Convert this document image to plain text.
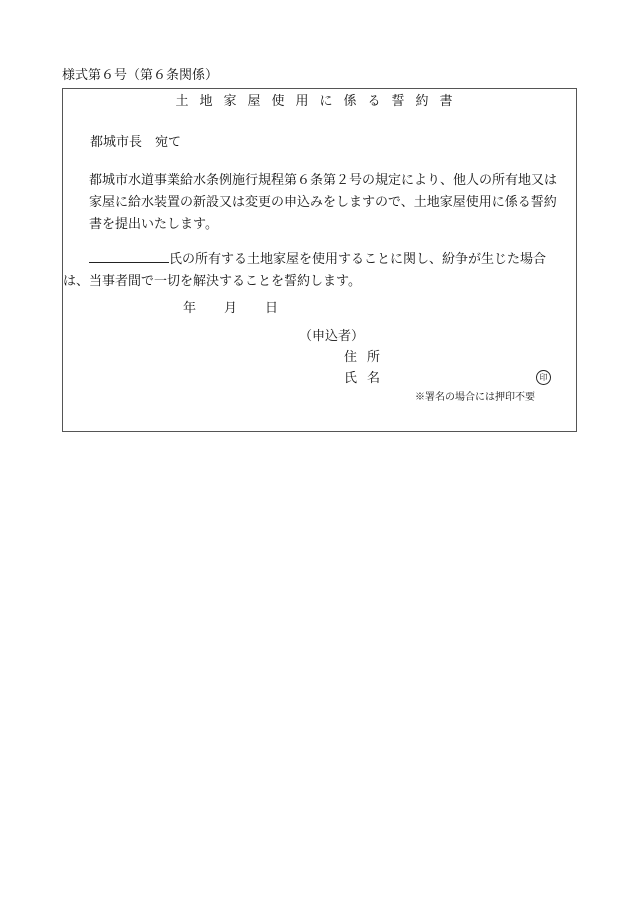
様式第６号（第６条関係）
土地家屋使用に係る誓約書
都城市長　宛て
都城市水道事業給水条例施行規程第６条第２号の規定により、他人の所有地又は家屋に給水装置の新設又は変更の申込みをしますので、土地家屋使用に係る誓約書を提出いたします。
氏の所有する土地家屋を使用することに関し、紛争が生じた場合
は、当事者間で一切を解決することを誓約します。
年 月 日
（申込者）
住所
氏名	印
※署名の場合には押印不要
